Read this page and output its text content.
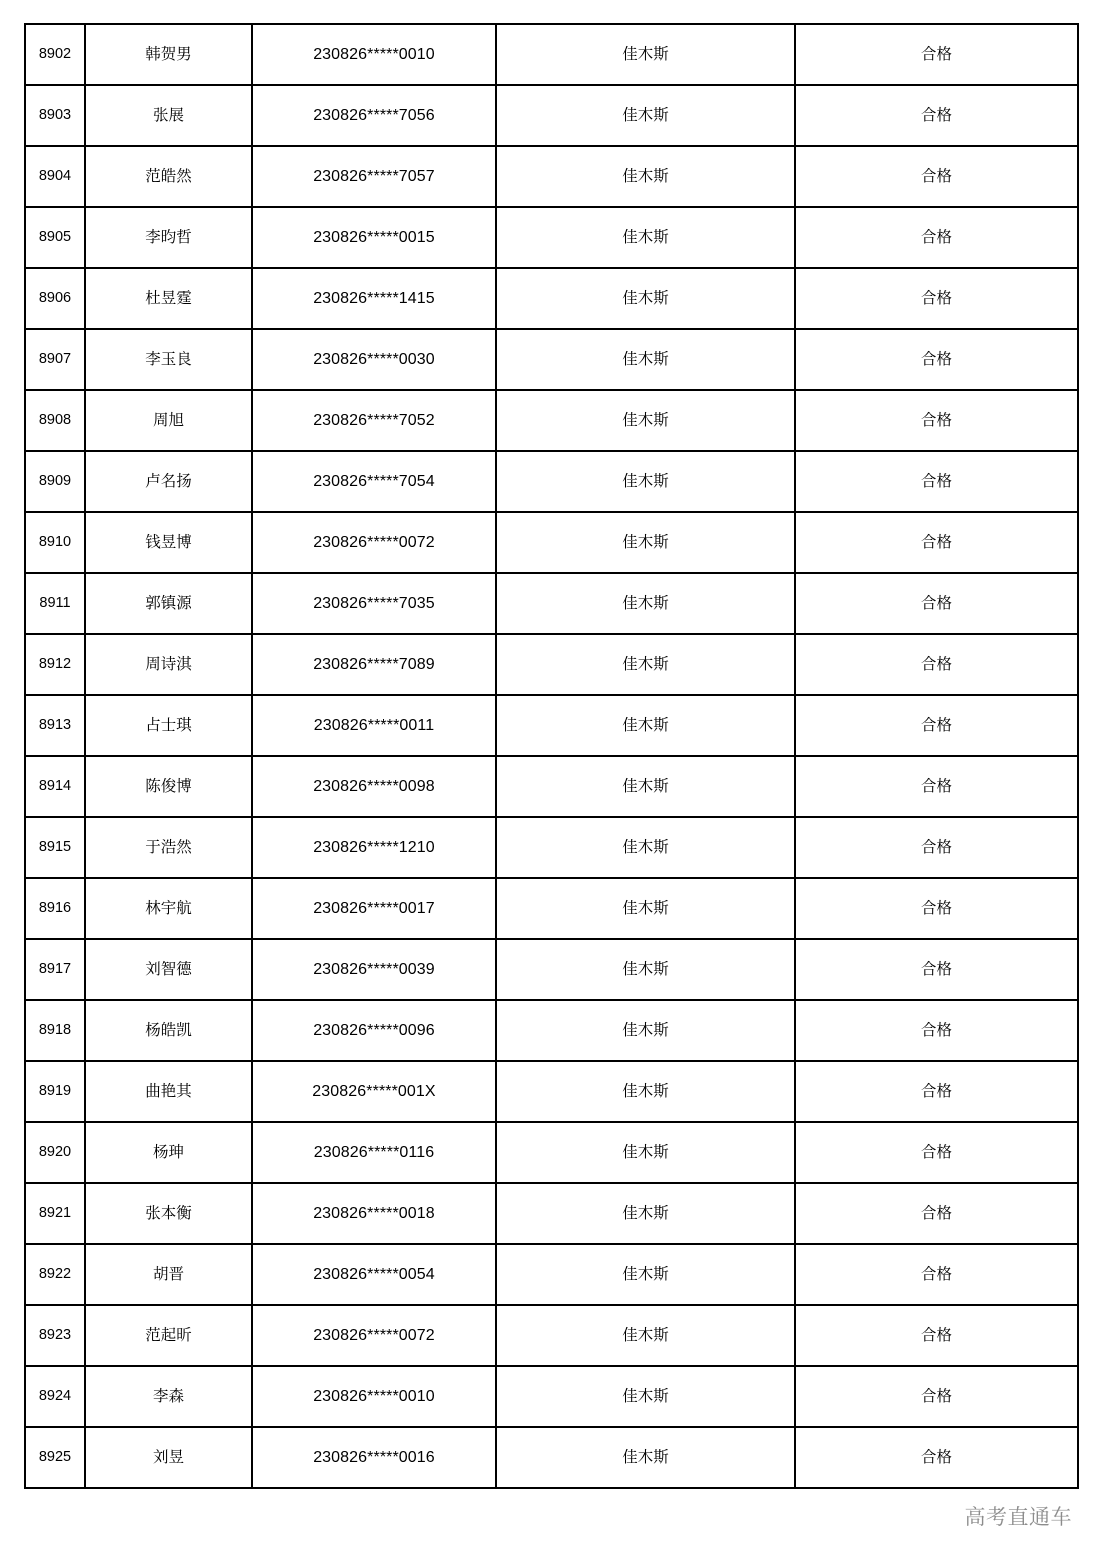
8902	韩贺男	230826*****0010	佳木斯	合格
8903	张展	230826*****7056	佳木斯	合格
8904	范皓然	230826*****7057	佳木斯	合格
8905	李昀哲	230826*****0015	佳木斯	合格
8906	杜昱霆	230826*****1415	佳木斯	合格
8907	李玉良	230826*****0030	佳木斯	合格
8908	周旭	230826*****7052	佳木斯	合格
8909	卢名扬	230826*****7054	佳木斯	合格
8910	钱昱博	230826*****0072	佳木斯	合格
8911	郭镇源	230826*****7035	佳木斯	合格
8912	周诗淇	230826*****7089	佳木斯	合格
8913	占士琪	230826*****0011	佳木斯	合格
8914	陈俊博	230826*****0098	佳木斯	合格
8915	于浩然	230826*****1210	佳木斯	合格
8916	林宇航	230826*****0017	佳木斯	合格
8917	刘智德	230826*****0039	佳木斯	合格
8918	杨皓凯	230826*****0096	佳木斯	合格
8919	曲艳其	230826*****001X	佳木斯	合格
8920	杨珅	230826*****0116	佳木斯	合格
8921	张本衡	230826*****0018	佳木斯	合格
8922	胡晋	230826*****0054	佳木斯	合格
8923	范起昕	230826*****0072	佳木斯	合格
8924	李森	230826*****0010	佳木斯	合格
8925	刘昱	230826*****0016	佳木斯	合格
高考直通车
